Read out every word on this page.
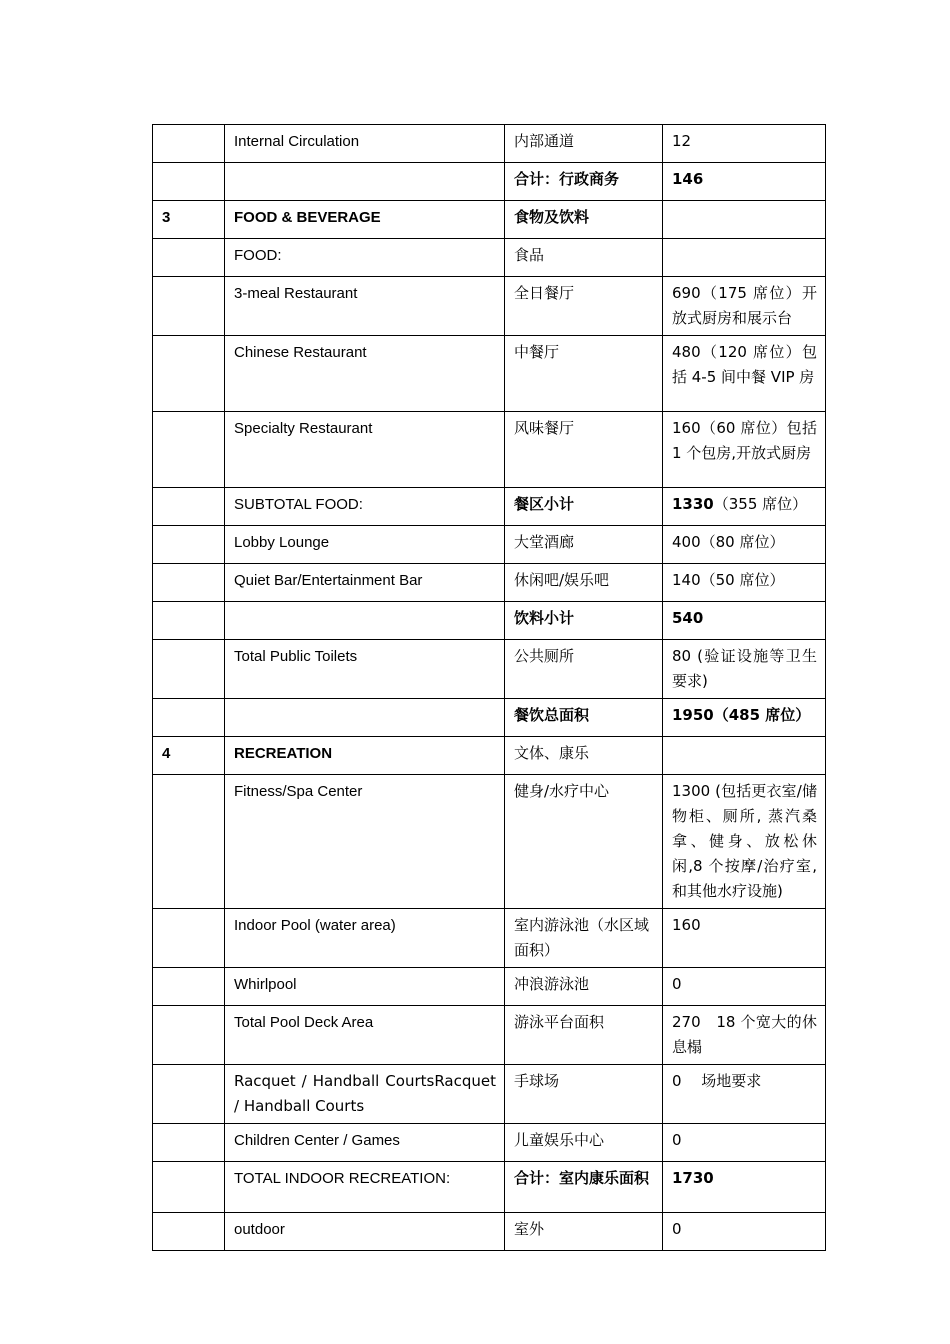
	Internal Circulation	内部通道	12
		合计：行政商务	146
3	FOOD & BEVERAGE	食物及饮料	
	FOOD:	食品	
	3-meal Restaurant	全日餐厅	690（175 席位）开放式厨房和展示台
	Chinese Restaurant	中餐厅	480（120 席位）包括 4-5 间中餐 VIP 房
	Specialty Restaurant	风味餐厅	160（60 席位）包括 1 个包房,开放式厨房
	SUBTOTAL FOOD:	餐区小计	1330（355 席位）
	Lobby Lounge	大堂酒廊	400（80 席位）
	Quiet Bar/Entertainment Bar	休闲吧/娱乐吧	140（50 席位）
		饮料小计	540
	Total Public Toilets	公共厕所	80 (验证设施等卫生要求)
		餐饮总面积	1950（485 席位）
4	RECREATION	文体、康乐	
	Fitness/Spa Center	健身/水疗中心	1300 (包括更衣室/储物柜、厕所, 蒸汽桑拿、健身、放松休闲,8 个按摩/治疗室,和其他水疗设施)
	Indoor Pool (water area)	室内游泳池（水区域面积）	160
	Whirlpool	冲浪游泳池	0
	Total Pool Deck Area	游泳平台面积	270　18 个宽大的休息榻
	Racquet / Handball CourtsRacquet / Handball Courts	手球场	0　 场地要求
	Children Center / Games	儿童娱乐中心	0
	TOTAL INDOOR RECREATION:	合计：室内康乐面积	1730
	outdoor	室外	0
